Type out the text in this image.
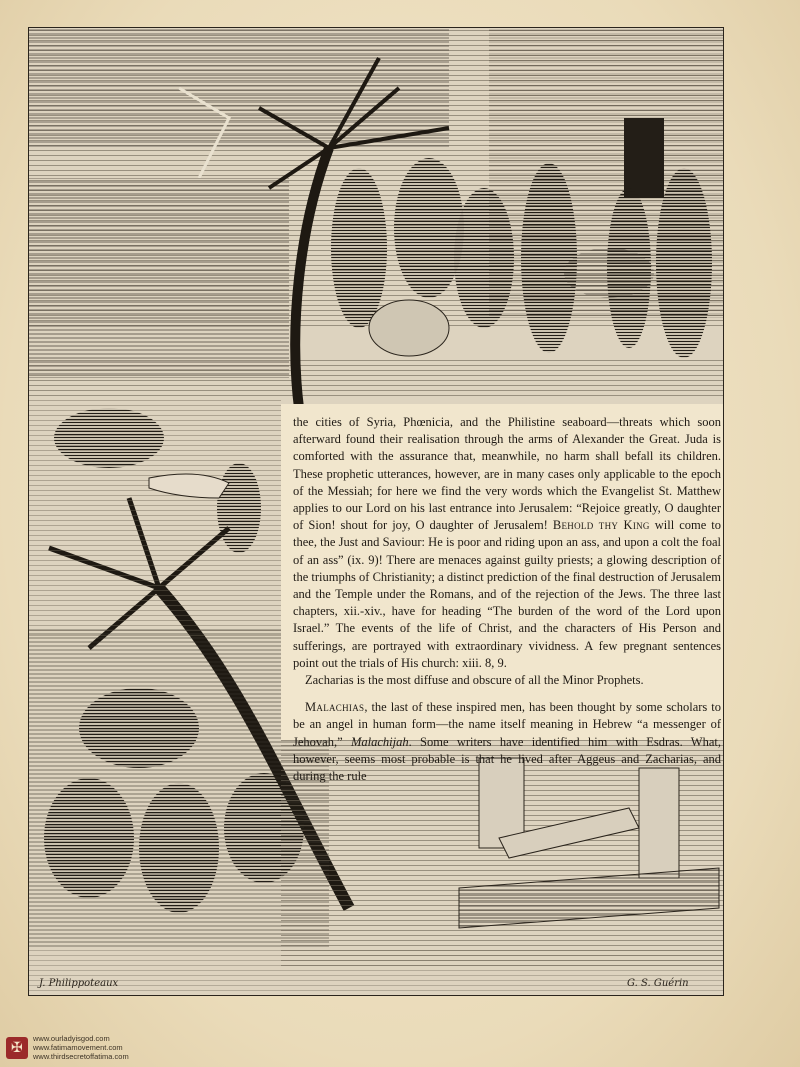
J. Philippoteaux	G. S. Guérin

the cities of Syria, Phœnicia, and the Philistine seaboard—threats which soon afterward found their realisation through the arms of Alexander the Great. Juda is comforted with the assurance that, meanwhile, no harm shall befall its children. These prophetic utterances, however, are in many cases only applicable to the epoch of the Messiah; for here we find the very words which the Evangelist St. Matthew applies to our Lord on his last entrance into Jerusalem: “Rejoice greatly, O daughter of Sion! shout for joy, O daughter of Jerusalem! Behold thy King will come to thee, the Just and Saviour: He is poor and riding upon an ass, and upon a colt the foal of an ass” (ix. 9)! There are menaces against guilty priests; a glowing description of the triumphs of Christianity; a distinct prediction of the final destruction of Jerusalem and the Temple under the Romans, and of the rejection of the Jews. The three last chapters, xii.-xiv., have for heading “The burden of the word of the Lord upon Israel.” The events of the life of Christ, and the characters of His Person and sufferings, are portrayed with extraordinary vividness. A few pregnant sentences point out the trials of His church: xiii. 8, 9.

Zacharias is the most diffuse and obscure of all the Minor Prophets.

Malachias, the last of these inspired men, has been thought by some scholars to be an angel in human form—the name itself meaning in Hebrew “a messenger of Jehovah,” Malachijah. Some writers have identified him with Esdras. What, however, seems most probable is that he lived after Aggeus and Zacharias, and during the rule

✠
www.ourladyisgod.com
www.fatimamovement.com
www.thirdsecretoffatima.com
